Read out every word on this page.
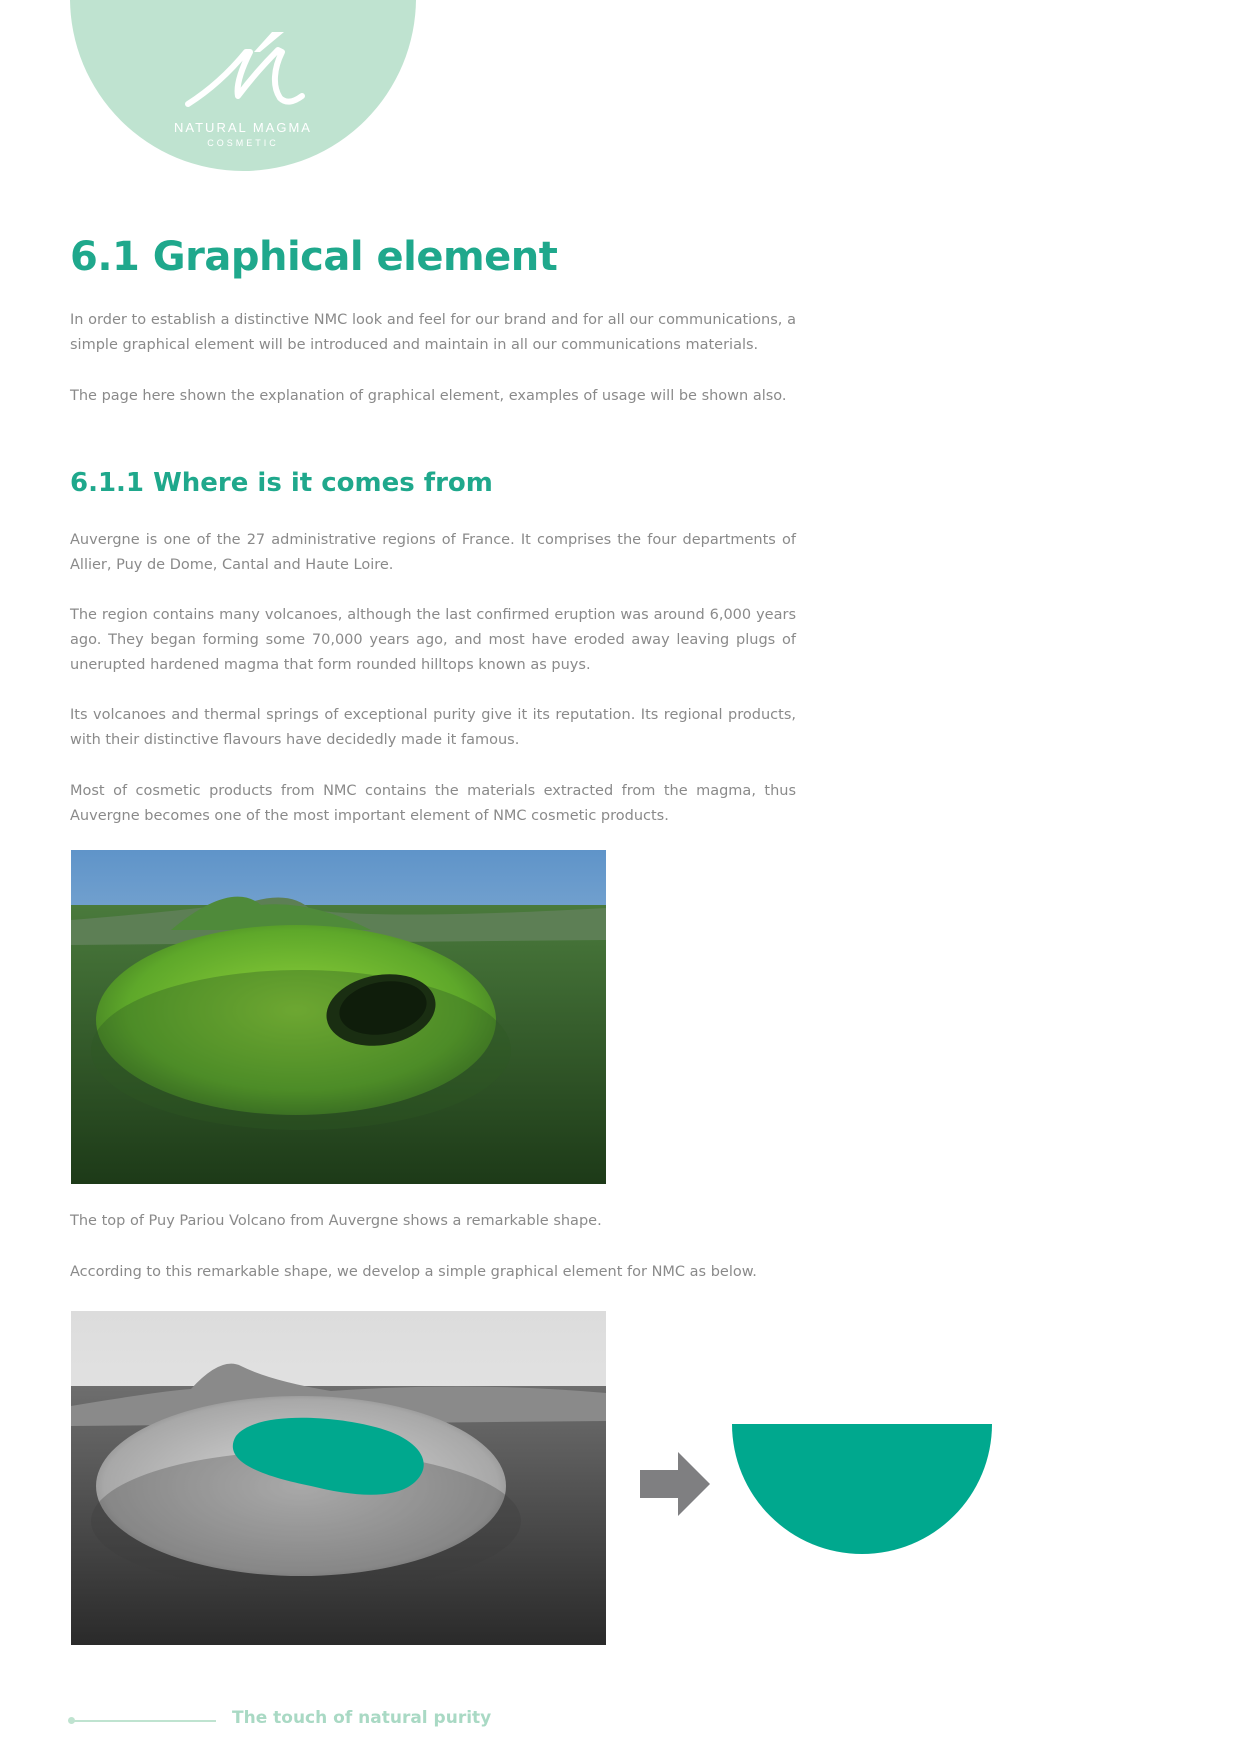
NATURAL MAGMA
COSMETIC
6.1 Graphical element

In order to establish a distinctive NMC look and feel for our brand and for all our communications, a simple graphical element will be introduced and maintain in all our communications materials.

The page here shown the explanation of graphical element, examples of usage will be shown also.

6.1.1 Where is it comes from

Auvergne is one of the 27 administrative regions of France. It comprises the four departments of Allier, Puy de Dome, Cantal and Haute Loire.

The region contains many volcanoes, although the last confirmed eruption was around 6,000 years ago. They began forming some 70,000 years ago, and most have eroded away leaving plugs of unerupted hardened magma that form rounded hilltops known as puys.

Its volcanoes and thermal springs of exceptional purity give it its reputation. Its regional products, with their distinctive flavours have decidedly made it famous.

Most of cosmetic products from NMC contains the materials extracted from the magma, thus Auvergne becomes one of the most important element of NMC cosmetic products.

The top of Puy Pariou Volcano from Auvergne shows a remarkable shape.

According to this remarkable shape, we develop a simple graphical element for NMC as below.

The touch of natural purity
